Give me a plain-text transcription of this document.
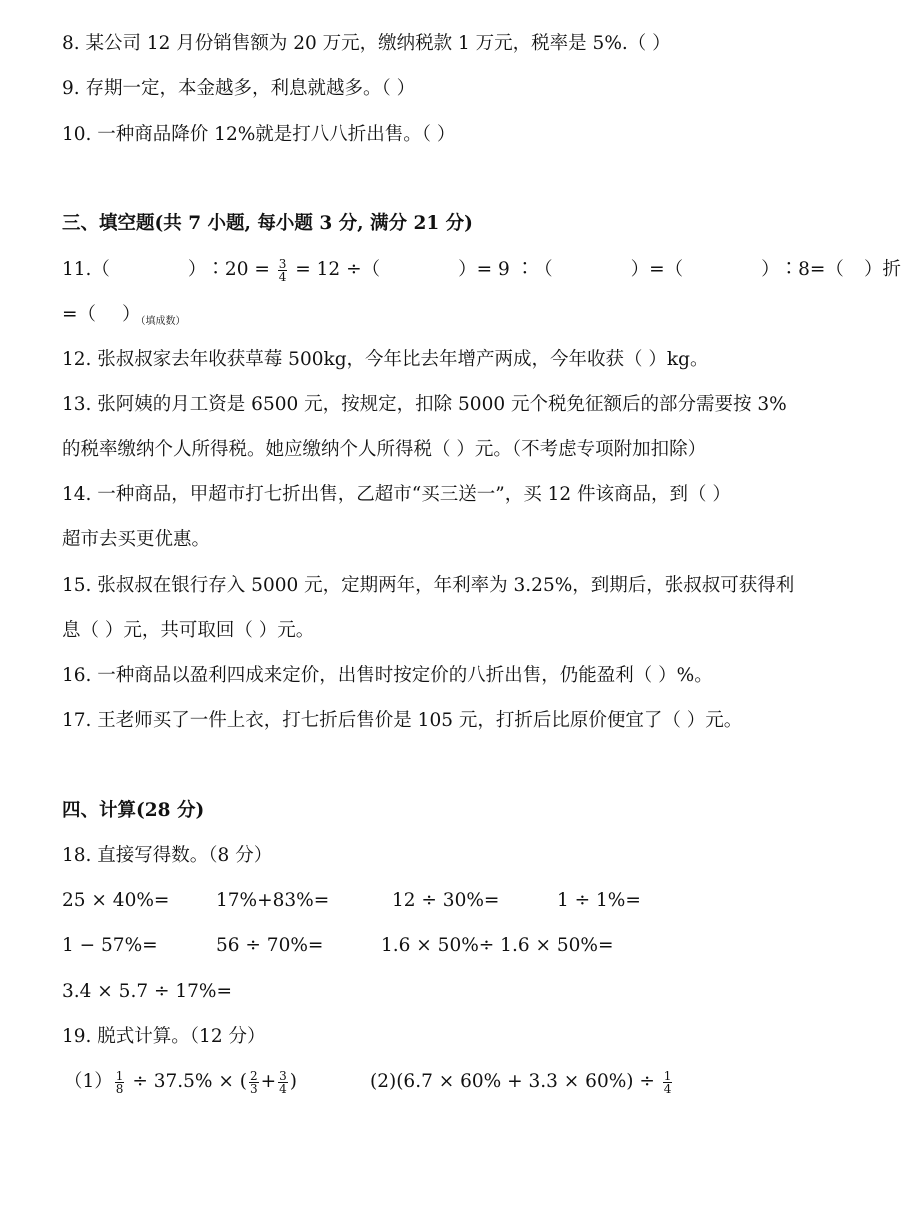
8. 某公司 12 月份销售额为 20 万元，缴纳税款 1 万元，税率是 5%.（ ）
9. 存期一定，本金越多，利息就越多。（ ）
10. 一种商品降价 12%就是打八八折出售。（ ）
三、填空题(共 7 小题, 每小题 3 分, 满分 21 分)
11.（	）∶20 = $\frac{3}{4} = 12$ ÷（	）= 9 ∶（	）=（	）∶8=（ ）折
=（ ）$_{(填成数)}$
12. 张叔叔家去年收获草莓 500kg，今年比去年增产两成，今年收获（ ）kg。
13. 张阿姨的月工资是 6500 元，按规定，扣除 5000 元个税免征额后的部分需要按 3%
的税率缴纳个人所得税。她应缴纳个人所得税（ ）元。（不考虑专项附加扣除）
14. 一种商品，甲超市打七折出售，乙超市“买三送一”，买 12 件该商品，到（ ）
超市去买更优惠。
15. 张叔叔在银行存入 5000 元，定期两年，年利率为 3.25%，到期后，张叔叔可获得利
息（ ）元，共可取回（ ）元。
16. 一种商品以盈利四成来定价，出售时按定价的八折出售，仍能盈利（ ）%。
17. 王老师买了一件上衣，打七折后售价是 105 元，打折后比原价便宜了（ ）元。
四、计算(28 分)
18. 直接写得数。（8 分）
25 × 40%=	17%+83%=	12 ÷ 30%=	1 ÷ 1%=
1 − 57%=	56 ÷ 70%=	1.6 × 50%÷ 1.6 × 50%=
3.4 × 5.7 ÷ 17%=
19. 脱式计算。（12 分）
$(1) \frac{1}{8} \div 37.5\%$ × ( $\frac{2}{3} + \frac{3}{4}$ )	$(2)(6.7 \times 60\% + 3.3 \times 60\%) \div \frac{1}{4}$
